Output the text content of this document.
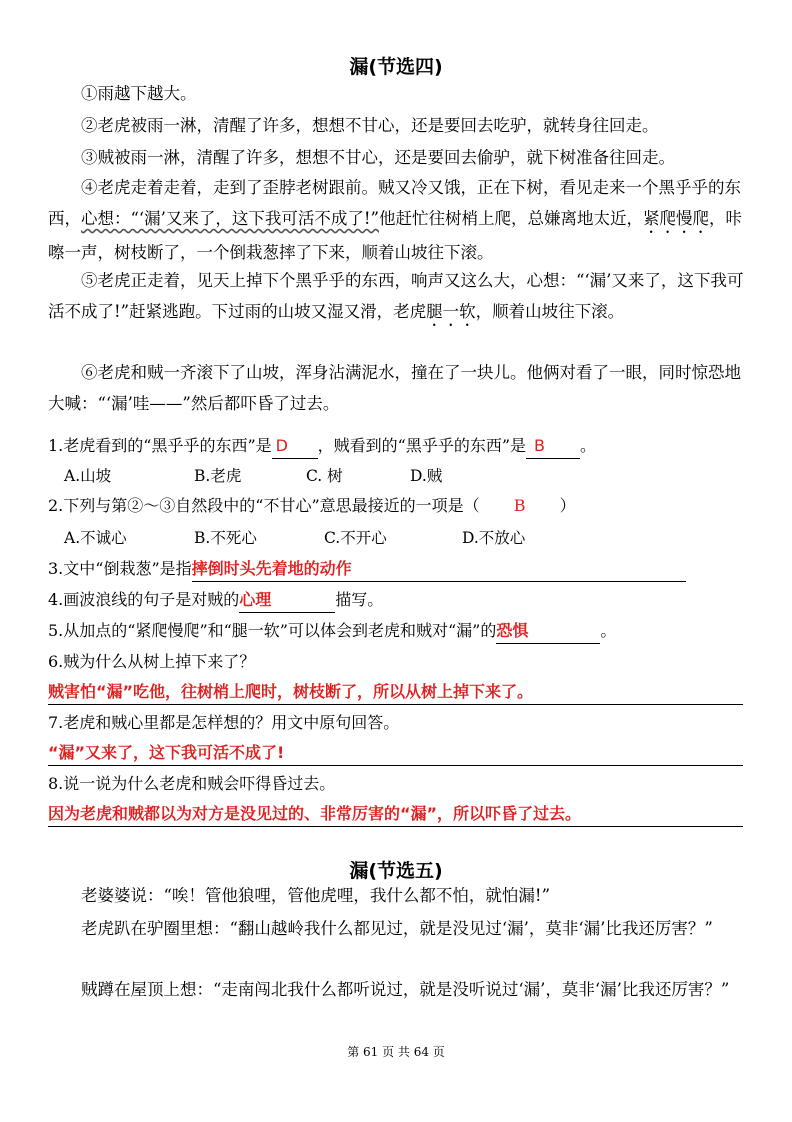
漏(节选四)

①雨越下越大。

②老虎被雨一淋，清醒了许多，想想不甘心，还是要回去吃驴，就转身往回走。

③贼被雨一淋，清醒了许多，想想不甘心，还是要回去偷驴，就下树准备往回走。

④老虎走着走着，走到了歪脖老树跟前。贼又冷又饿，正在下树，看见走来一个黑乎乎的东西，心想：“‘漏’又来了，这下我可活不成了!”他赶忙往树梢上爬，总嫌离地太近，紧爬慢爬，咔嚓一声，树枝断了，一个倒栽葱摔了下来，顺着山坡往下滚。

⑤老虎正走着，见天上掉下个黑乎乎的东西，响声又这么大，心想：“‘漏’又来了，这下我可活不成了!”赶紧逃跑。下过雨的山坡又湿又滑，老虎腿一软，顺着山坡往下滚。

⑥老虎和贼一齐滚下了山坡，浑身沾满泥水，撞在了一块儿。他俩对看了一眼，同时惊恐地大喊：“‘漏’哇——”然后都吓昏了过去。

1.老虎看到的“黑乎乎的东西”是 D ，贼看到的“黑乎乎的东西”是 B 。
A.山坡	B.老虎	C. 树	D.贼
2.下列与第②～③自然段中的“不甘心”意思最接近的一项是（ B ）
A.不诚心	B.不死心	C.不开心	D.不放心
3.文中“倒栽葱”是指摔倒时头先着地的动作
4.画波浪线的句子是对贼的心理	描写。
5.从加点的“紧爬慢爬”和“腿一软”可以体会到老虎和贼对“漏”的恐惧	。
6.贼为什么从树上掉下来了？
贼害怕“漏”吃他，往树梢上爬时，树枝断了，所以从树上掉下来了。
7.老虎和贼心里都是怎样想的？用文中原句回答。
“漏”又来了，这下我可活不成了!
8.说一说为什么老虎和贼会吓得昏过去。
因为老虎和贼都以为对方是没见过的、非常厉害的“漏”，所以吓昏了过去。
漏(节选五)

老婆婆说：“唉！管他狼哩，管他虎哩，我什么都不怕，就怕漏!”

老虎趴在驴圈里想：“翻山越岭我什么都见过，就是没见过‘漏’，莫非‘漏’比我还厉害？”

贼蹲在屋顶上想：“走南闯北我什么都听说过，就是没听说过‘漏’，莫非‘漏’比我还厉害？”

第 61 页 共 64 页
